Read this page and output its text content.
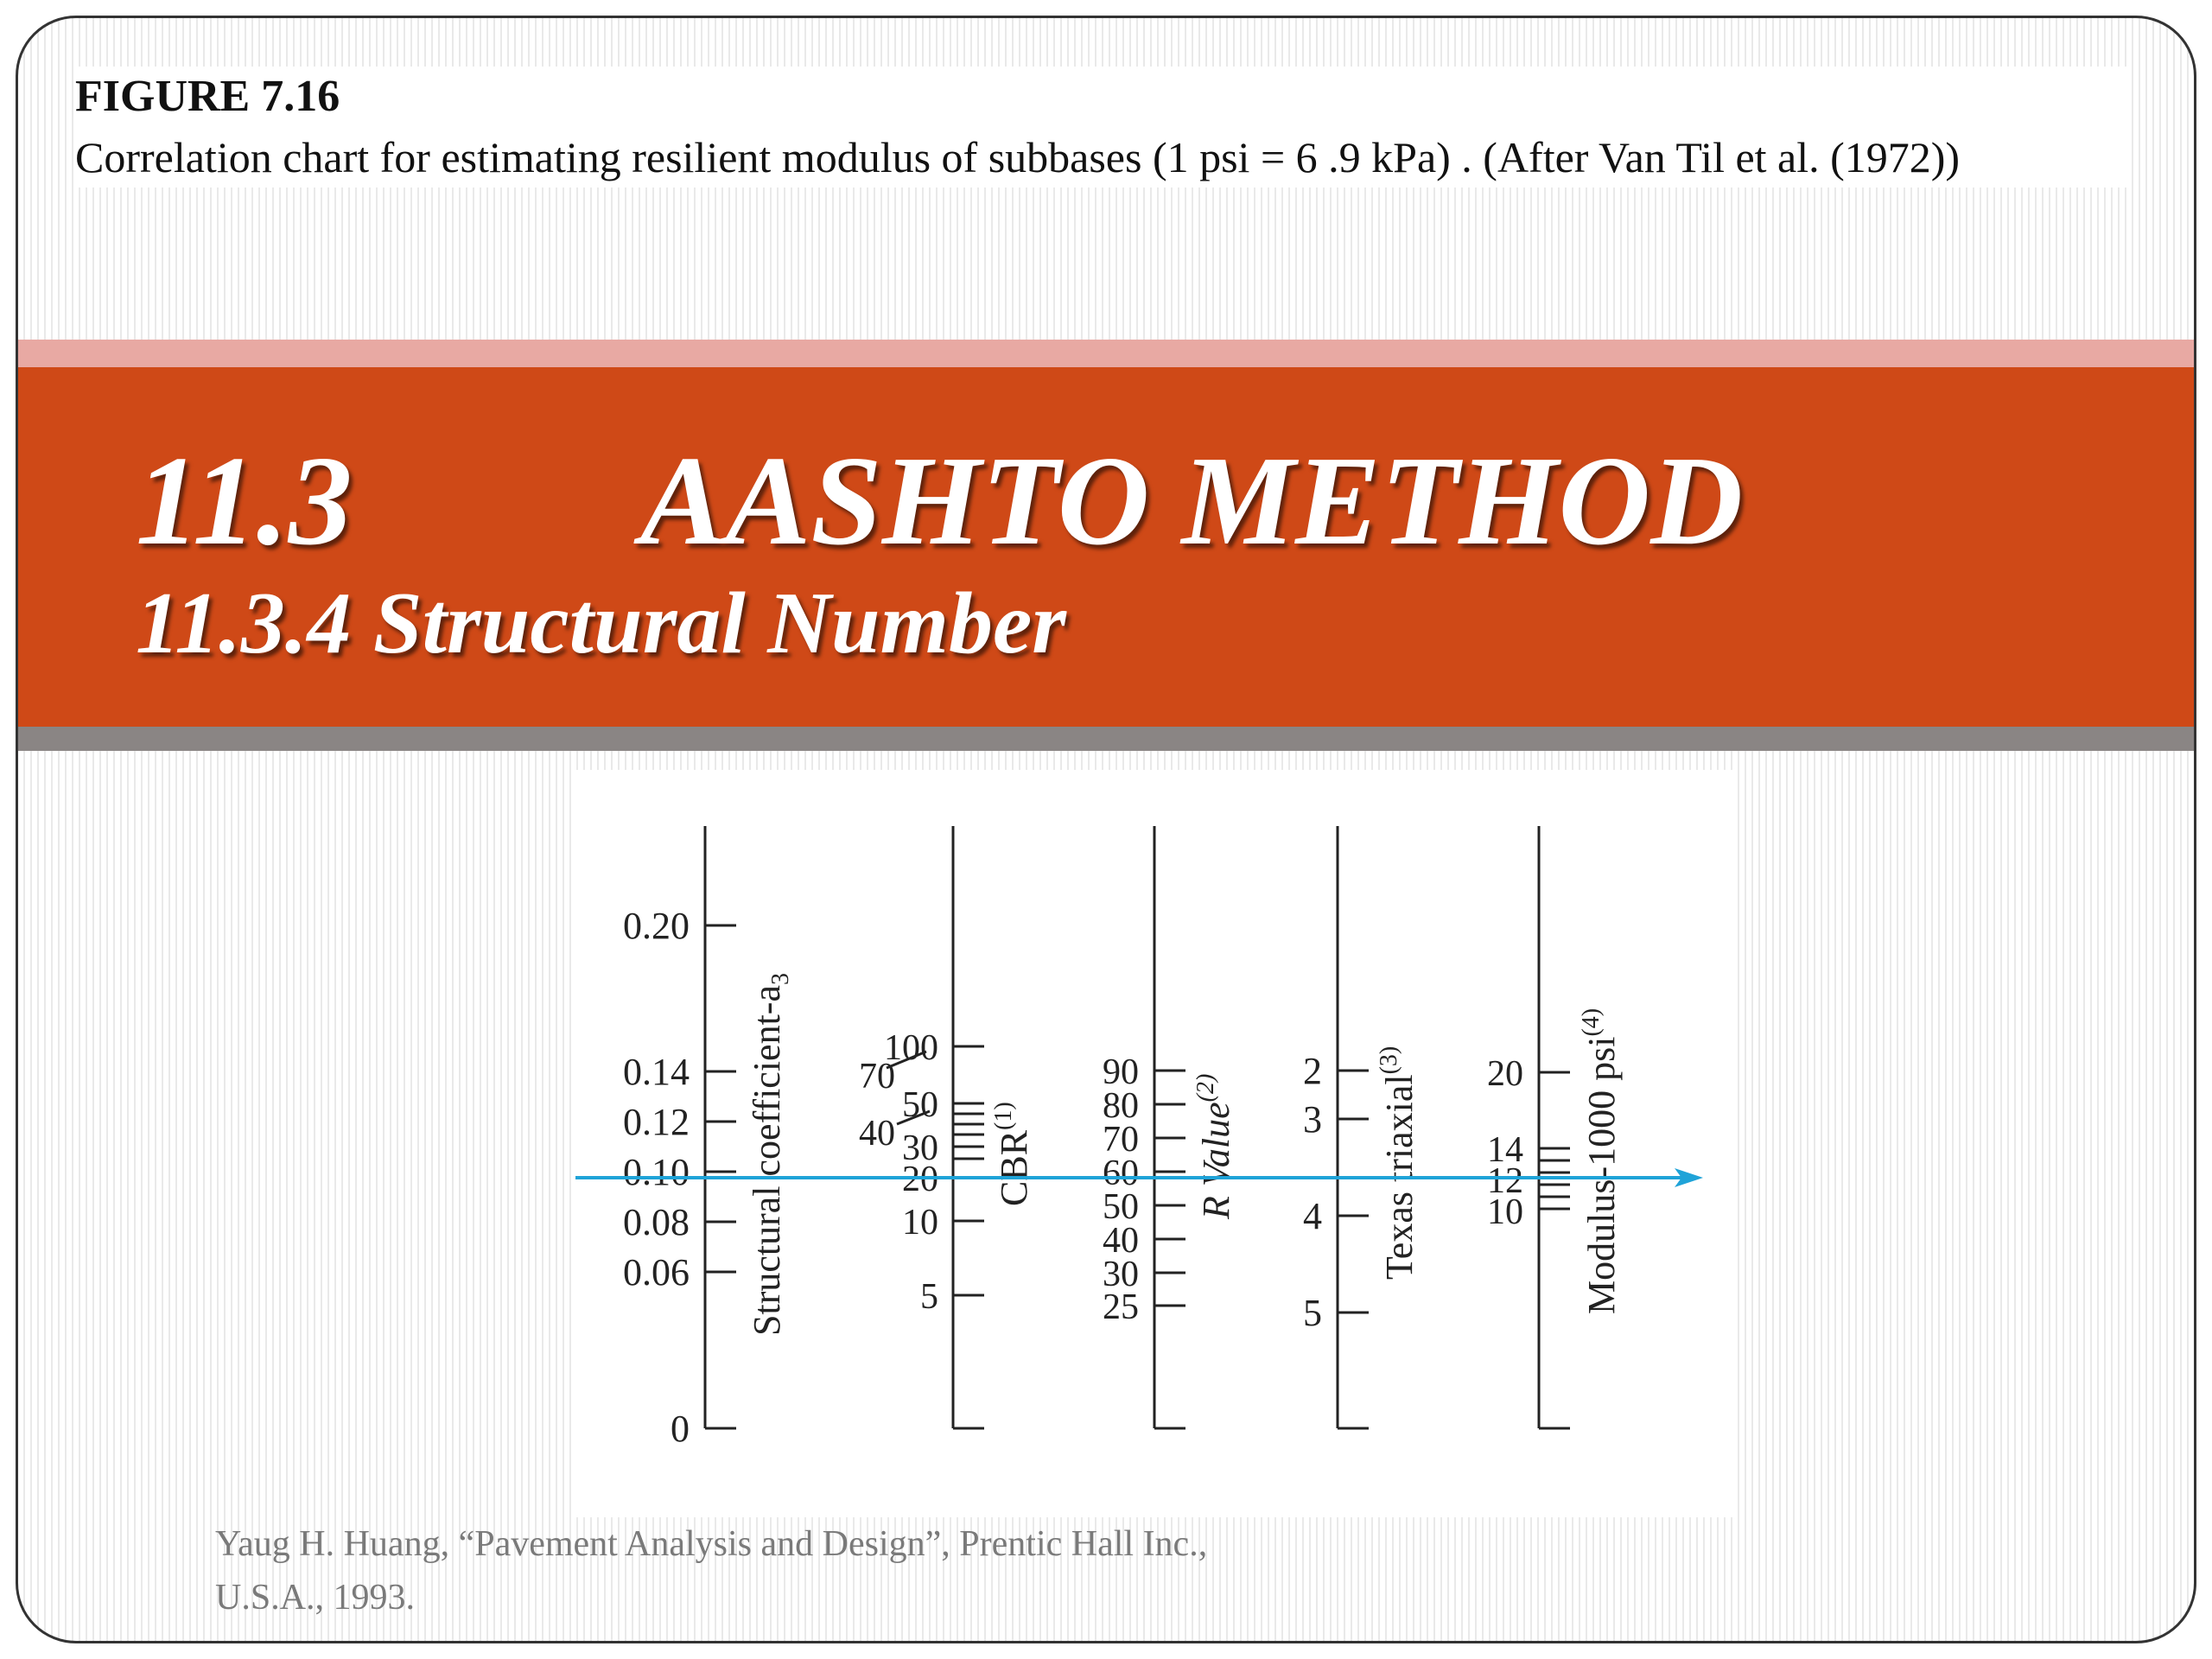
FIGURE 7.16
Correlation chart for estimating resilient modulus of subbases (1 psi = 6 .9 kPa) . (After Van Til et al. (1972))
11.3 AASHTO METHOD
11.3.4 Structural Number
0.20
0.14
0.12
0.10
0.08
0.06
0
Structural coefficient-$a_3$
100
50
30
20
10
5
70
40	CBR$^{(1)}$
90
80
70
60
50
40
30
25
R Value$^{(2)}$	2
3
4
5
Texas triaxial$^{(3)}$	20
14
12
10 Modulus-1000 psi$^{(4)}$
Yaug H. Huang, “Pavement Analysis and Design”, Prentic Hall Inc.,
U.S.A., 1993.
